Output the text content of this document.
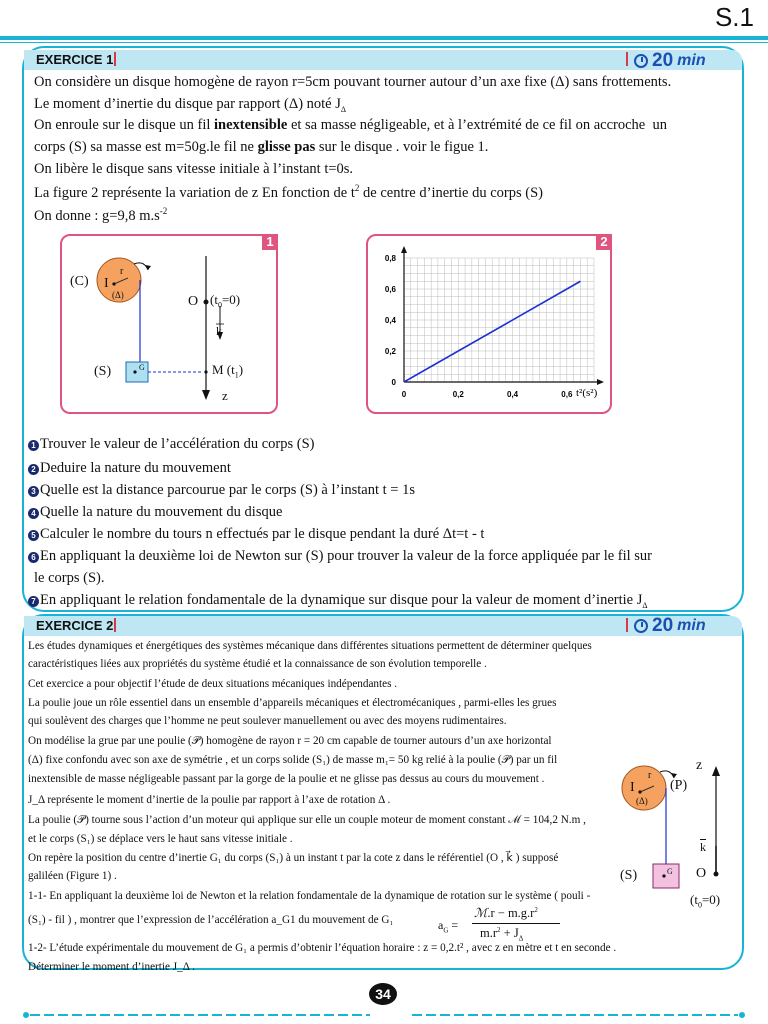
S.1
EXERCICE 1	20 min
On considère un disque homogène de rayon r=5cm pouvant tourner autour d’un axe fixe (Δ) sans frottements.
Le moment d’inertie du disque par rapport (Δ) noté $J_\Delta$
On enroule sur le disque un fil inextensible et sa masse négligeable, et à l’extrémité de ce fil on accroche  un
corps (S) sa masse est m=50g.le fil ne glisse pas sur le disque . voir le figue 1.
On libère le disque sans vitesse initiale à l’instant t=0s.
La figure 2 représente la variation de z En fonction de $t^2$ de centre d’inertie du corps (S)
On donne : g=9,8 $m.s^{-2}$
1
(C) I
r
(Δ)	O $(t_0=0)$
k
(S)	G	M $(t_1)$
z
2
0	0,2	0,4	0,6
0
0,2
0,4
0,6
0,8
t²(s²)
1 Trouver le valeur de l’accélération du corps (S)
2 Deduire la nature du mouvement
3 Quelle est la distance parcourue par le corps (S) à l’instant t = 1s
4 Quelle la nature du mouvement du disque
5 Calculer le nombre du tours n effectués par le disque pendant la duré Δt=t - t
6 En appliquant la deuxième loi de Newton sur (S) pour trouver la valeur de la force appliquée par le fil sur
le corps (S).
7 En appliquant le relation fondamentale de la dynamique sur disque pour la valeur de moment d’inertie $J_\Delta$
EXERCICE 2	20 min
Les études dynamiques et énergétiques des systèmes mécanique dans différentes situations permettent de déterminer quelques
caractéristiques liées aux propriétés du système étudié et la connaissance de son évolution temporelle .
Cet exercice a pour objectif l’étude de deux situations mécaniques indépendantes .
La poulie joue un rôle essentiel dans un ensemble d’appareils mécaniques et électromécaniques , parmi-elles les grues
qui soulèvent des charges que l’homme ne peut soulever manuellement ou avec des moyens rudimentaires.
On modélise la grue par une poulie (𝒫) homogène de rayon r = 20 cm capable de tourner autours d’un axe horizontal
(Δ) fixe confondu avec son axe de symétrie , et un corps solide (S₁) de masse m₁= 50 kg relié à la poulie (𝒫) par un fil
inextensible de masse négligeable passant par la gorge de la poulie et ne glisse pas dessus au cours du mouvement .
J_Δ représente le moment d’inertie de la poulie par rapport à l’axe de rotation Δ .
La poulie (𝒫) tourne sous l’action d’un moteur qui applique sur elle un couple moteur de moment constant ℳ = 104,2 N.m ,
et le corps (S₁) se déplace vers le haut sans vitesse initiale .
On repère la position du centre d’inertie G₁ du corps (S₁) à un instant t par la cote z dans le référentiel (O , k⃗ ) supposé
galiléen (Figure 1) .
1-1- En appliquant la deuxième loi de Newton et la relation fondamentale de la dynamique de rotation sur le système ( pouli -
(S₁) - fil ) , montrer que l’expression de l’accélération a_G1 du mouvement de G₁
1-2- L’étude expérimentale du mouvement de G₁ a permis d’obtenir l’équation horaire : z = 0,2.t² , avec z en mètre et t en seconde .
Déterminer le moment d’inertie J_Δ .
$a_G$ =
ℳ.r − $m.g.r^2$
$m.r^2 + J_\Delta$
z
I
r
(Δ)
(P)
$\overline{k}$
(S)	G O
$(t_0=0)$
34
